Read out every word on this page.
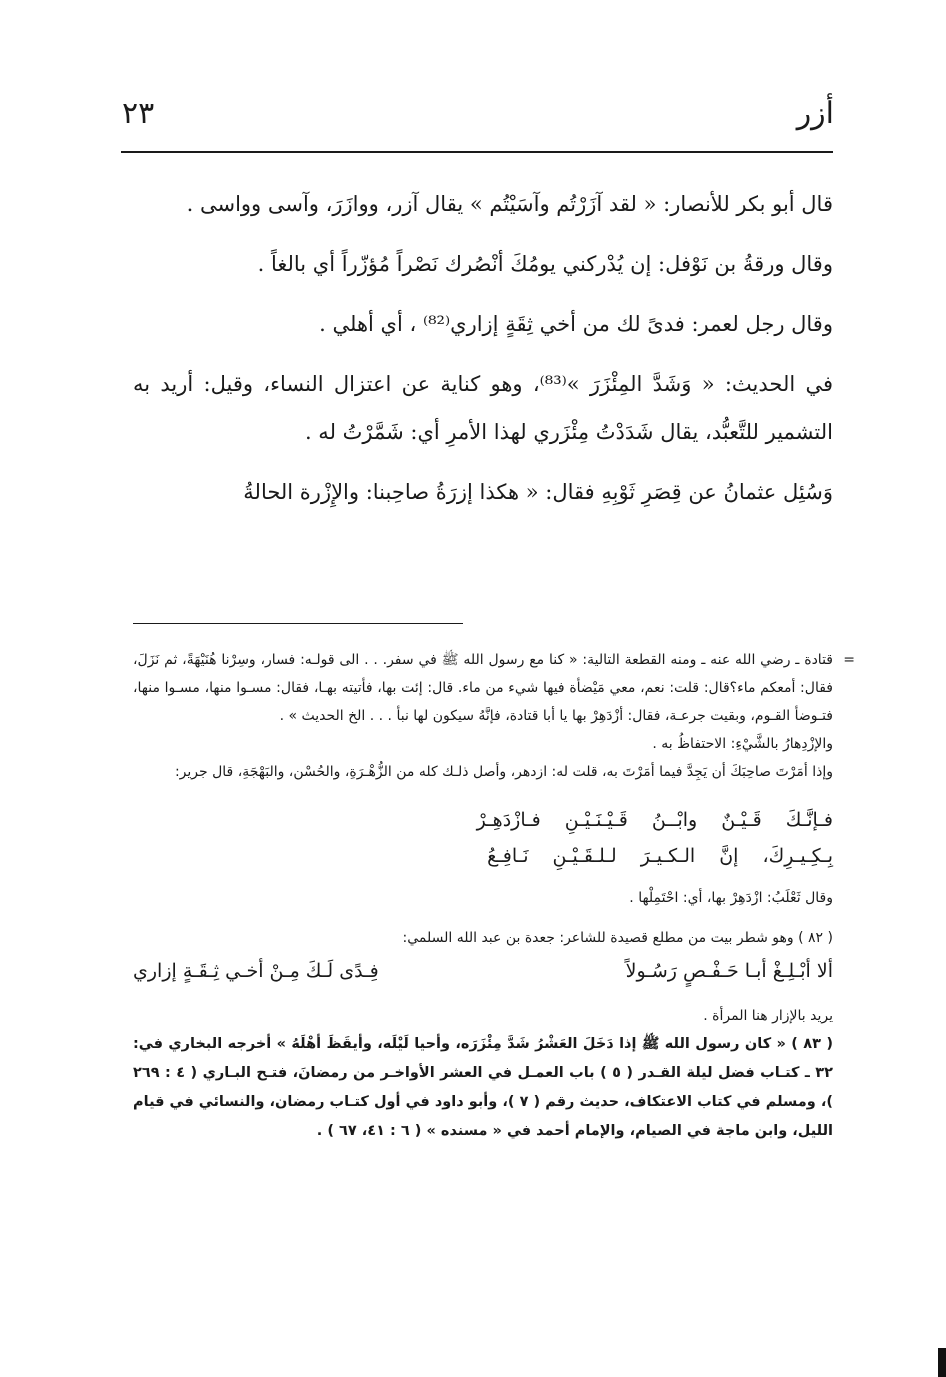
أزر
٢٣

قال أبو بكر للأنصار: « لقد آزَرْتُم وآسَيْتُم » يقال آزر، ووازَرَ، وآسى وواسى .

وقال ورقةُ بن نَوْفل: إن يُدْركني يومُكَ أنْصُرك نَصْراً مُؤزّراً أي بالغاً .

وقال رجل لعمر: فدىً لك من أخي ثِقَةٍ إزاري⁽⁸²⁾ ، أي أهلي .

في الحديث: « وَشَدَّ المِئْزَرَ »⁽⁸³⁾، وهو كناية عن اعتزال النساء، وقيل: أريد به التشمير للتَّعبُّد، يقال شَدَدْتُ مِئْزَري لهذا الأمرِ أي: شَمَّرْتُ له .

وَسُئِل عثمانُ عن قِصَرِ ثَوْبِهِ فقال: « هكذا إزرَةُ صاحِبنا: والإِزْرة الحالةُ

=

قتادة ـ رضي الله عنه ـ ومنه القطعة التالية: « كنا مع رسول الله ﷺ في سفر. . . الى قولـه: فسار، وسِرْنا هُنَيْهَةً، ثم نَزَلَ، فقال: أمعكم ماء؟قال: قلت: نعم، معي مَيْضأة فيها شيء من ماء. قال: إئت بها، فأتيته بهـا، فقال: مسـوا منها، مسـوا منها، فتـوضأ القـوم، وبقيت جرعـة، فقال: أزْدَهِرْ بها يا أبا قتادة، فإنَّهُ سيكون لها نبأ . . . الخ الحديث » .

والإزْدِهارُ بالشَّيْءِ: الاحتفاظُ به .

وإذا أمَرْتَ صاحِبَكَ أن يَجِدَّ فيما أمَرْتَ به، قلت له: ازدهر، وأصل ذلـك كله من الزُّهْـرَةِ، والحُسْن، والبَهْجَةِ، قال جرير:

فـإنَّـكَ قَـيْـنٌ وابْــنُ قَـيْـنَـيْـنِ فـازْدَهِـرْ
بِـكِـيـرِكَ، إنَّ الـكـيـرَ لـلـقَـيْـنِ نَـافِـعُ

وقال ثَعْلَبُ: ازْدَهِرْ بها، أي: احْتَمِلْها .

( ٨٢ ) وهو شطر بيت من مطلع قصيدة للشاعر: جعدة بن عبد الله السلمي:

ألا أبْـلِـغْ أبـا حَـفْـصٍ رَسُـولاً
فِـدًى لَـكَ مِـنْ أخـي ثِـقَـةٍ إزاري

يريد بالإزار هنا المرأة .

( ٨٣ ) « كان رسول الله ﷺ إذا دَخَلَ العَشْرُ شَدَّ مِئْزَرَه، وأحيا لَيْلَه، وأيقَظَ أهْلَهُ » أخرجه البخاري في: ٣٢ ـ كتـاب فضل ليلة القـدر ( ٥ ) باب العمـل في العشر الأواخـر من رمضانَ، فتـح البـاري ( ٤ : ٢٦٩ )، ومسلم في كتاب الاعتكاف، حديث رقم ( ٧ )، وأبو داود في أول كتـاب رمضان، والنسائي في قيام الليل، وابن ماجة في الصيام، والإمام أحمد في « مسنده » ( ٦ : ٤١، ٦٧ ) .
